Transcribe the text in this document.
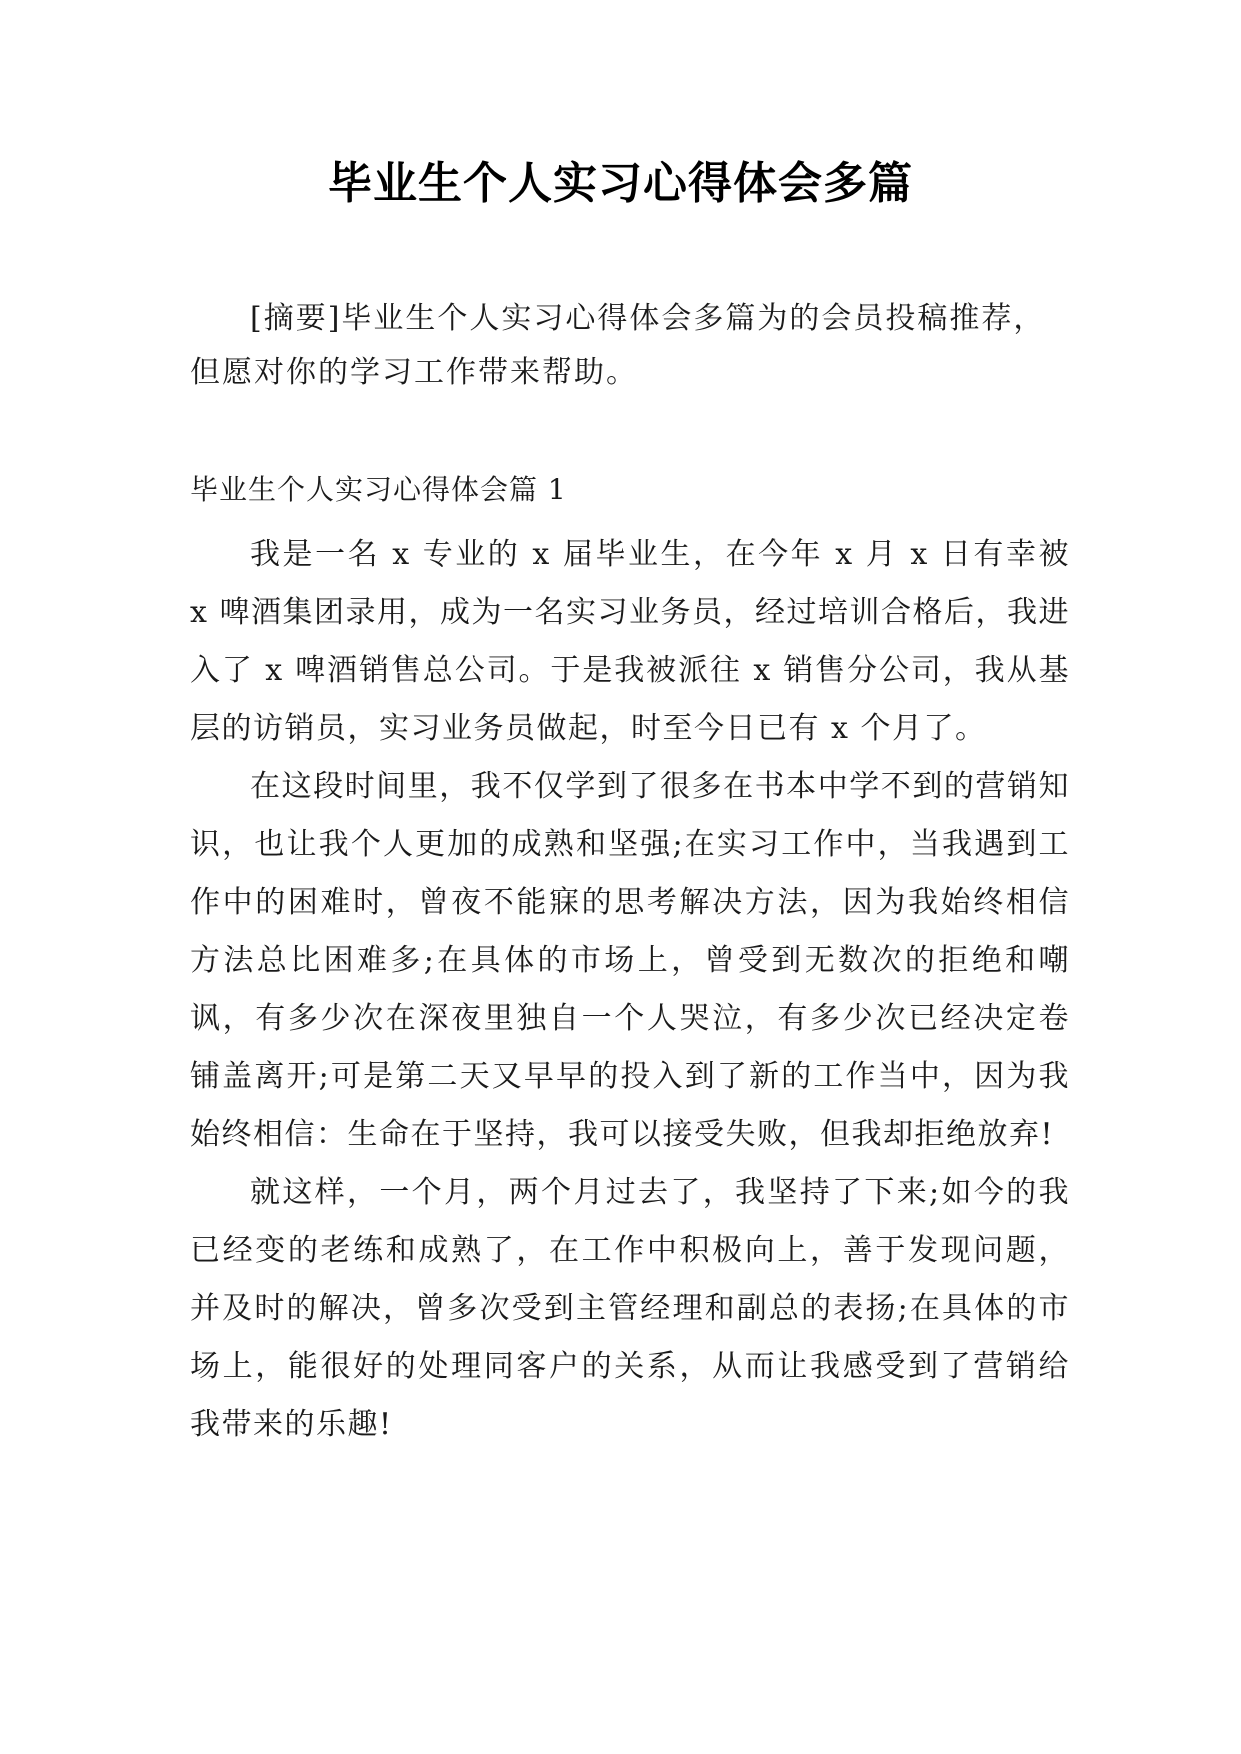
毕业生个人实习心得体会多篇

[摘要]毕业生个人实习心得体会多篇为的会员投稿推荐，但愿对你的学习工作带来帮助。

毕业生个人实习心得体会篇 1

我是一名 x 专业的 x 届毕业生，在今年 x 月 x 日有幸被 x 啤酒集团录用，成为一名实习业务员，经过培训合格后，我进入了 x 啤酒销售总公司。于是我被派往 x 销售分公司，我从基层的访销员，实习业务员做起，时至今日已有 x 个月了。

在这段时间里，我不仅学到了很多在书本中学不到的营销知识，也让我个人更加的成熟和坚强;在实习工作中，当我遇到工作中的困难时，曾夜不能寐的思考解决方法，因为我始终相信方法总比困难多;在具体的市场上，曾受到无数次的拒绝和嘲讽，有多少次在深夜里独自一个人哭泣，有多少次已经决定卷铺盖离开;可是第二天又早早的投入到了新的工作当中，因为我始终相信：生命在于坚持，我可以接受失败，但我却拒绝放弃!

就这样，一个月，两个月过去了，我坚持了下来;如今的我已经变的老练和成熟了，在工作中积极向上，善于发现问题，并及时的解决，曾多次受到主管经理和副总的表扬;在具体的市场上，能很好的处理同客户的关系，从而让我感受到了营销给我带来的乐趣!
